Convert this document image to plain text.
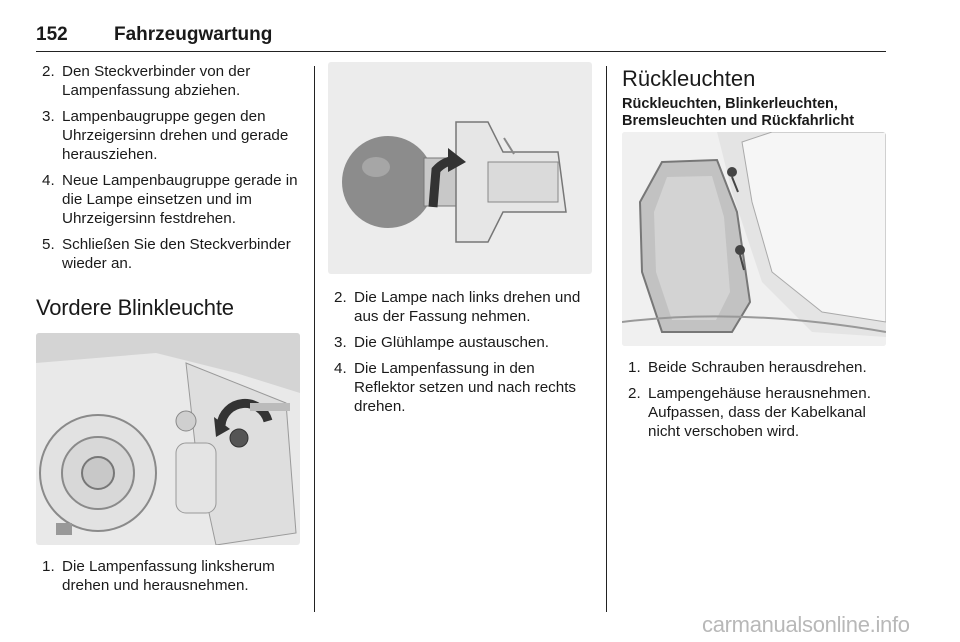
152 Fahrzeugwartung
2. Den Steckverbinder von der Lampenfassung abziehen.
3. Lampenbaugruppe gegen den Uhrzeigersinn drehen und gerade herausziehen.
4. Neue Lampenbaugruppe gerade in die Lampe einsetzen und im Uhrzeigersinn festdrehen.
5. Schließen Sie den Steckverbinder wieder an.
Vordere Blinkleuchte
1. Die Lampenfassung linksherum drehen und herausnehmen.
2. Die Lampe nach links drehen und aus der Fassung nehmen.
3. Die Glühlampe austauschen.
4. Die Lampenfassung in den Reflektor setzen und nach rechts drehen.
Rückleuchten
Rückleuchten, Blinkerleuchten, Bremsleuchten und Rückfahrlicht
1. Beide Schrauben herausdrehen.
2. Lampengehäuse herausnehmen. Aufpassen, dass der Kabelkanal nicht verschoben wird.
carmanualsonline.info
